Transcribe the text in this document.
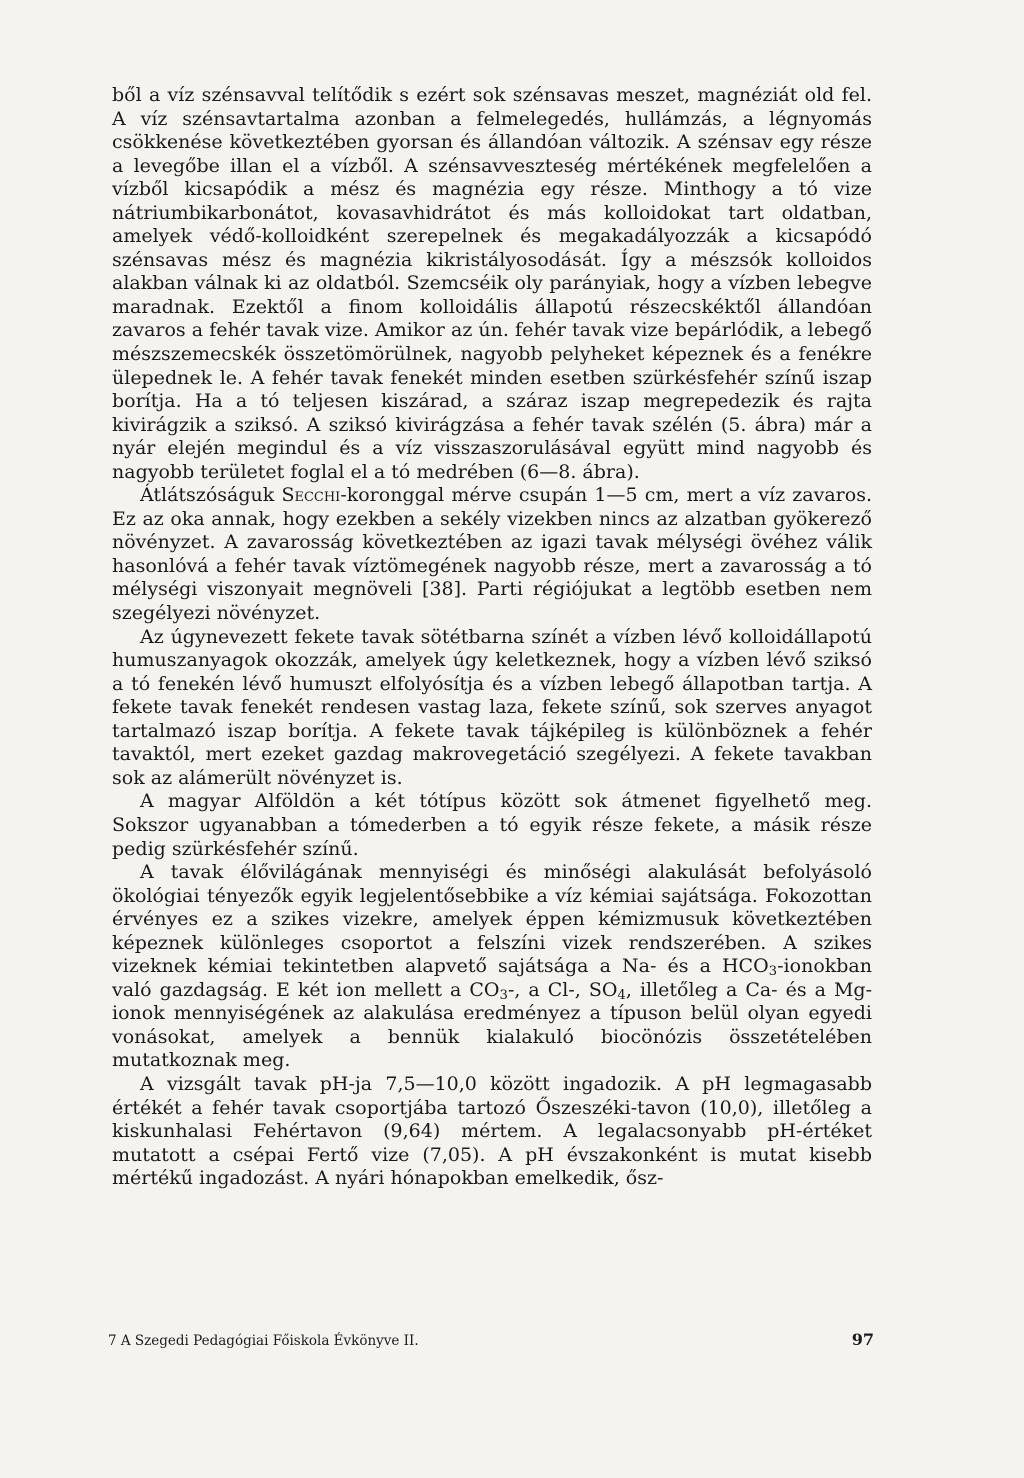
ből a víz szénsavval telítődik s ezért sok szénsavas meszet, magnéziát old fel. A víz szénsavtartalma azonban a felmelegedés, hullámzás, a légnyomás csökkenése következtében gyorsan és állandóan változik. A szénsav egy része a levegőbe illan el a vízből. A szénsavveszteség mértékének megfelelően a vízből kicsapódik a mész és magnézia egy része. Minthogy a tó vize nátriumbikarbonátot, kovasavhidrátot és más kolloidokat tart oldatban, amelyek védő-kolloidként szerepelnek és megakadályozzák a kicsapódó szénsavas mész és magnézia kikristályosodását. Így a mészsók kolloidos alakban válnak ki az oldatból. Szemcséik oly parányiak, hogy a vízben lebegve maradnak. Ezektől a finom kolloidális állapotú részecskéktől állandóan zavaros a fehér tavak vize. Amikor az ún. fehér tavak vize bepárlódik, a lebegő mészszemecskék összetömörülnek, nagyobb pelyheket képeznek és a fenékre ülepednek le. A fehér tavak fenekét minden esetben szürkésfehér színű iszap borítja. Ha a tó teljesen kiszárad, a száraz iszap megrepedezik és rajta kivirágzik a sziksó. A sziksó kivirágzása a fehér tavak szélén (5. ábra) már a nyár elején megindul és a víz visszaszorulásával együtt mind nagyobb és nagyobb területet foglal el a tó medrében (6—8. ábra).

Átlátszóságuk Secchi-koronggal mérve csupán 1—5 cm, mert a víz zavaros. Ez az oka annak, hogy ezekben a sekély vizekben nincs az alzatban gyökerező növényzet. A zavarosság következtében az igazi tavak mélységi övéhez válik hasonlóvá a fehér tavak víztömegének nagyobb része, mert a zavarosság a tó mélységi viszonyait megnöveli [38]. Parti régiójukat a legtöbb esetben nem szegélyezi növényzet.

Az úgynevezett fekete tavak sötétbarna színét a vízben lévő kolloidállapotú humuszanyagok okozzák, amelyek úgy keletkeznek, hogy a vízben lévő sziksó a tó fenekén lévő humuszt elfolyósítja és a vízben lebegő állapotban tartja. A fekete tavak fenekét rendesen vastag laza, fekete színű, sok szerves anyagot tartalmazó iszap borítja. A fekete tavak tájképileg is különböznek a fehér tavaktól, mert ezeket gazdag makrovegetáció szegélyezi. A fekete tavakban sok az alámerült növényzet is.

A magyar Alföldön a két tótípus között sok átmenet figyelhető meg. Sokszor ugyanabban a tómederben a tó egyik része fekete, a másik része pedig szürkésfehér színű.

A tavak élővilágának mennyiségi és minőségi alakulását befolyásoló ökológiai tényezők egyik legjelentősebbike a víz kémiai sajátsága. Fokozottan érvényes ez a szikes vizekre, amelyek éppen kémizmusuk következtében képeznek különleges csoportot a felszíni vizek rendszerében. A szikes vizeknek kémiai tekintetben alapvető sajátsága a Na- és a $HCO_3$-ionokban való gazdagság. E két ion mellett a $CO_3-$, a Cl-, $SO_4$, illetőleg a Ca- és a Mg-ionok mennyiségének az alakulása eredményez a típuson belül olyan egyedi vonásokat, amelyek a bennük kialakuló biocönózis összetételében mutatkoznak meg.

A vizsgált tavak pH-ja 7,5—10,0 között ingadozik. A pH legmagasabb értékét a fehér tavak csoportjába tartozó Őszeszéki-tavon (10,0), illetőleg a kiskunhalasi Fehértavon (9,64) mértem. A legalacsonyabb pH-értéket mutatott a csépai Fertő vize (7,05). A pH évszakonként is mutat kisebb mértékű ingadozást. A nyári hónapokban emelkedik, ősz-

7 A Szegedi Pedagógiai Főiskola Évkönyve II.	97
